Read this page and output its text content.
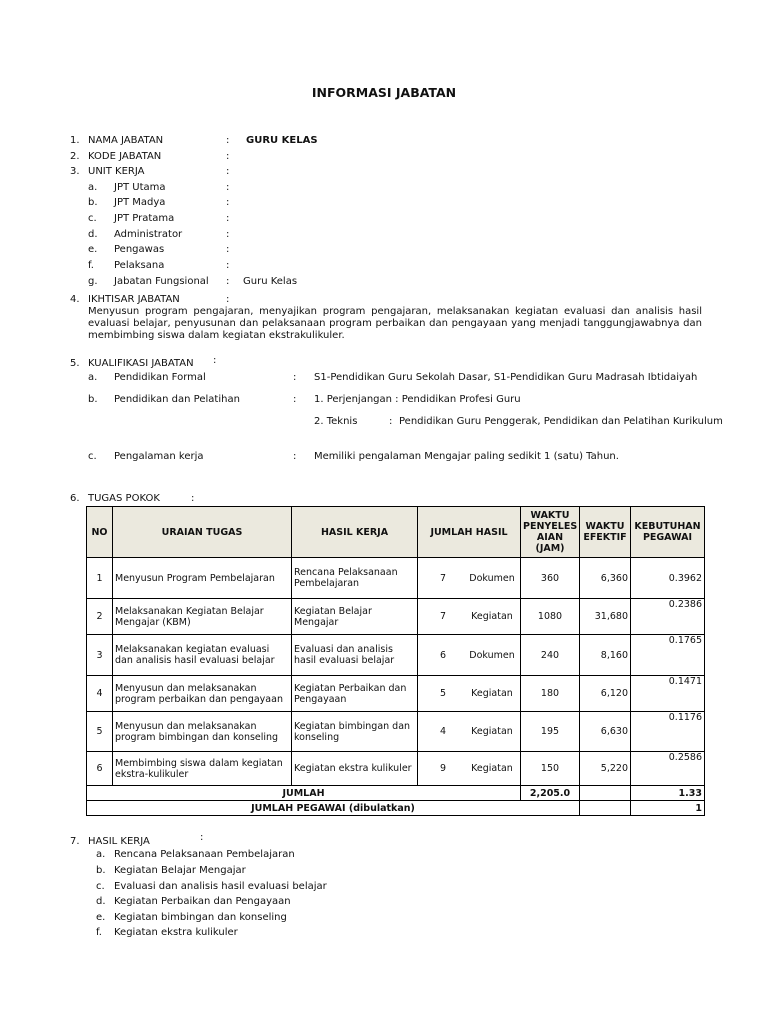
INFORMASI JABATAN
1. NAMA JABATAN	: GURU KELAS
2. KODE JABATAN	:
3. UNIT KERJA	:
a. JPT Utama	:
b. JPT Madya	:
c. JPT Pratama	:
d. Administrator	:
e. Pengawas	:
f. Pelaksana	:
g. Jabatan Fungsional : Guru Kelas
4. IKHTISAR JABATAN	:
Menyusun program pengajaran, menyajikan program pengajaran, melaksanakan kegiatan evaluasi dan analisis hasil evaluasi belajar, penyusunan dan pelaksanaan program perbaikan dan pengayaan yang menjadi tanggungjawabnya dan membimbing siswa dalam kegiatan ekstrakulikuler.
5. KUALIFIKASI JABATAN :
a. Pendidikan Formal	: S1-Pendidikan Guru Sekolah Dasar, S1-Pendidikan Guru Madrasah Ibtidaiyah
b. Pendidikan dan Pelatihan	: 1. Perjenjangan : Pendidikan Profesi Guru
2. Teknis	: Pendidikan Guru Penggerak, Pendidikan dan Pelatihan Kurikulum
c. Pengalaman kerja	: Memiliki pengalaman Mengajar paling sedikit 1 (satu) Tahun.
6. TUGAS POKOK	:
NO	URAIAN TUGAS	HASIL KERJA	JUMLAH HASIL	WAKTU PENYELES AIAN (JAM)	WAKTU EFEKTIF	KEBUTUHAN PEGAWAI
1	Menyusun Program Pembelajaran	Rencana Pelaksanaan Pembelajaran	7 Dokumen	360	6,360	0.3962
2	Melaksanakan Kegiatan Belajar Mengajar (KBM)	Kegiatan Belajar Mengajar	7 Kegiatan	1080	31,680	0.2386
3	Melaksanakan kegiatan evaluasi dan analisis hasil evaluasi belajar	Evaluasi dan analisis hasil evaluasi belajar	6 Dokumen	240	8,160	0.1765
4	Menyusun dan melaksanakan program perbaikan dan pengayaan	Kegiatan Perbaikan dan Pengayaan	5 Kegiatan	180	6,120	0.1471
5	Menyusun dan melaksanakan program bimbingan dan konseling	Kegiatan bimbingan dan konseling	4 Kegiatan	195	6,630	0.1176
6	Membimbing siswa dalam kegiatan ekstra-kulikuler	Kegiatan ekstra kulikuler	9 Kegiatan	150	5,220	0.2586
JUMLAH				2,205.0		1.33
JUMLAH PEGAWAI (dibulatkan)						1
7. HASIL KERJA	:
a. Rencana Pelaksanaan Pembelajaran
b. Kegiatan Belajar Mengajar
c. Evaluasi dan analisis hasil evaluasi belajar
d. Kegiatan Perbaikan dan Pengayaan
e. Kegiatan bimbingan dan konseling
f. Kegiatan ekstra kulikuler
